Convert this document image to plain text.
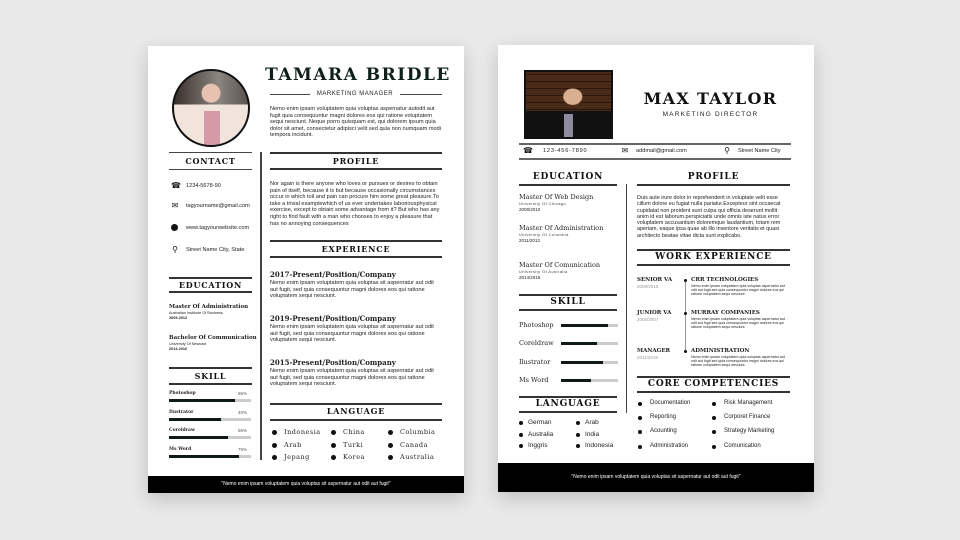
TAMARA BRIDLE
MARKETING MANAGER
Nemo enim ipsam voluptatem quia voluptas aspernatur autodit aut fugit quia consequuntur magni dolores eos qui ratione voluptatem sequi nesciunt. Neque porro quisquam est, qui dolorem ipsum quia dolor sit amet, consectetur adipisci velit sed quia non numquam modi tempora incidunt.
CONTACT
☎ 1234-5678-90
✉ tagyourname@gmail.com
www.tagyourwebsite.com
⚲ Street Name City, State
EDUCATION
Master Of Administration
Australian Institude Of Business
2009-2012
Bachelor Of Communication
University Of Newcast
2014-2016
SKILL
Photoshop	65%
Ilustrator	40%
Coreldraw	55%
Ms Word	75%
PROFILE
Nor again is there anyone who loves or pursues or desires to obtain pain of itself, because it is but because occasionally circumstances occur in which toil and pain can procure him some great pleasure.To take a trivial examplewhich of us ever undertakes laboriousphysical exercise, except to obtain some advantage from it? But who has any right to find fault with a man who chooses to enjoy a pleasure that has no annoying consequences
EXPERIENCE
2017-Present/Position/Company
Nemo enim ipsam voluptatem quia voluptas sit aspernatur aut odit aut fugit, sed quia consequuntur magni dolores eos qui ratione voluptatem sequi nesciunt.
2019-Present/Position/Company
Nemo enim ipsam voluptatem quia voluptas sit aspernatur aut odit aut fugit, sed quia consequuntur magni dolores eos qui ratione voluptatem sequi nesciunt.
2015-Present/Position/Company
Nemo enim ipsam voluptatem quia voluptas sit aspernatur aut odit aut fugit, sed quia consequuntur magni dolores eos qui ratione voluptatem sequi nesciunt.
LANGUAGE
Indonesia	China	Columbia
Arab	Turki	Canada
Jepang	Korea	Australia
"Nemo enim ipsam voluptatem quia voluptas sit aspernatur aut odit aut fugit"
MAX TAYLOR
MARKETING DIRECTOR
☎ 123-456-7890	✉ addmail@gmail.com	⚲ Street Name City
EDUCATION
Master Of Web Design
University Of Chicago
2008/2010
Master Of Administration
University Of Columbia
2011/2013
Master Of Comunication
University Of Australia
2014/2016
SKILL
Photoshop
Coreldraw
Ilustrator
Ms Word
LANGUAGE
German	Arab
Australia	India
Inggris	Indonesia
PROFILE
Duis aute irure dolor in reprehenderit in voluptate velit esse cillum dolore eu fugiat nulla pariatur.Excepteur sint occaecat cupidatat non proident sunt culpa qui officia deserunt mollit anim id est laborum.perspiciatis unde omnis iste natus error voluptatem accusantium doloremque laudantium, totam rem aperiam, eaque ipsa quae ab illo inventore veritatis et quasi architecto beatae vitae dicta sunt explicabo.
WORK EXPERIENCE
SENIOR VA
2008/2010
CRR TECHNOLOGIES
Nemo enim ipsam voluptatem quia voluptas aspernatur aut odit aut fugit sed quia consequuntur magni dolores eos qui ratione voluptatem sequi nesciunt.
JUNIOR VA
2005/2007
MURRAY COMPANIES
Nemo enim ipsam voluptatem quia voluptas aspernatur aut odit aut fugit sed quia consequuntur magni dolores eos qui ratione voluptatem sequi nesciunt.
MANAGER
2011/2019
ADMINISTRATION
Nemo enim ipsam voluptatem quia voluptas aspernatur aut odit aut fugit sed quia consequuntur magni dolores eos qui ratione voluptatem sequi nesciunt.
CORE COMPETENCIES
Documentation	Risk Management
Reporting	Corporet Finance
Acounting	Strategy Marketing
Administration	Comunication
"Nemo enim ipsam voluptatem quia voluptas sit aspernatur aut odit aut fugit"
